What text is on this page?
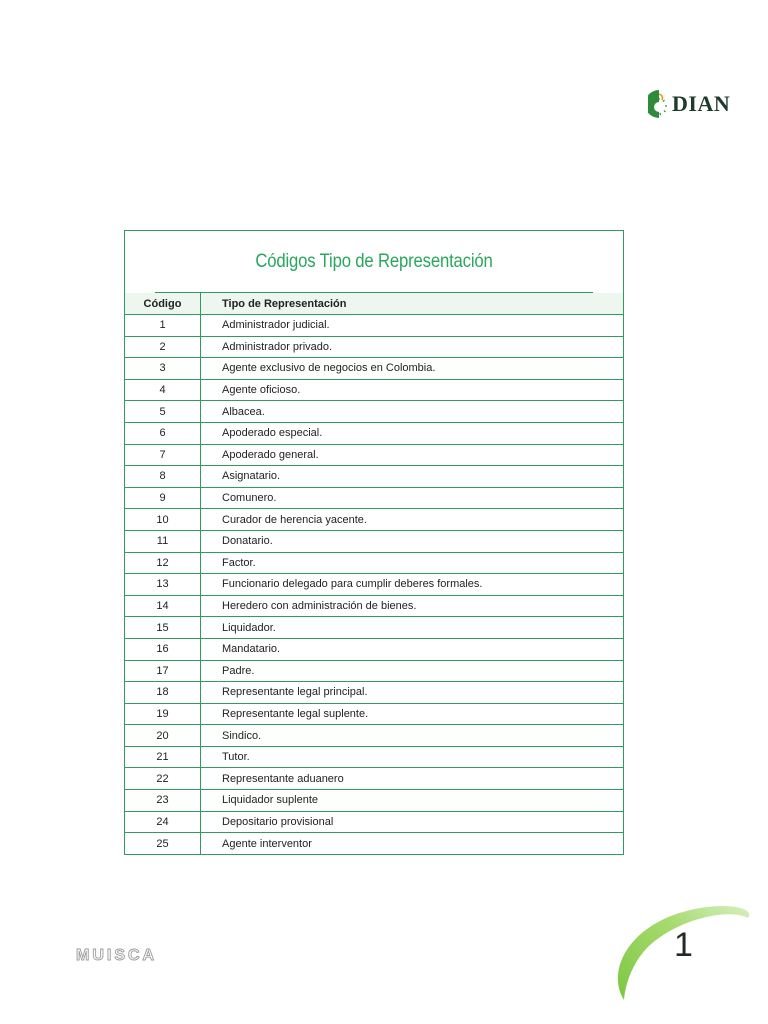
DIAN
Códigos Tipo de Representación
Código	Tipo de Representación
1	Administrador judicial.
2	Administrador privado.
3	Agente exclusivo de negocios en Colombia.
4	Agente oficioso.
5	Albacea.
6	Apoderado especial.
7	Apoderado general.
8	Asignatario.
9	Comunero.
10	Curador de herencia yacente.
11	Donatario.
12	Factor.
13	Funcionario delegado para cumplir deberes formales.
14	Heredero con administración de bienes.
15	Liquidador.
16	Mandatario.
17	Padre.
18	Representante legal principal.
19	Representante legal suplente.
20	Sindico.
21	Tutor.
22	Representante aduanero
23	Liquidador suplente
24	Depositario provisional
25	Agente interventor
MUISCA	1
